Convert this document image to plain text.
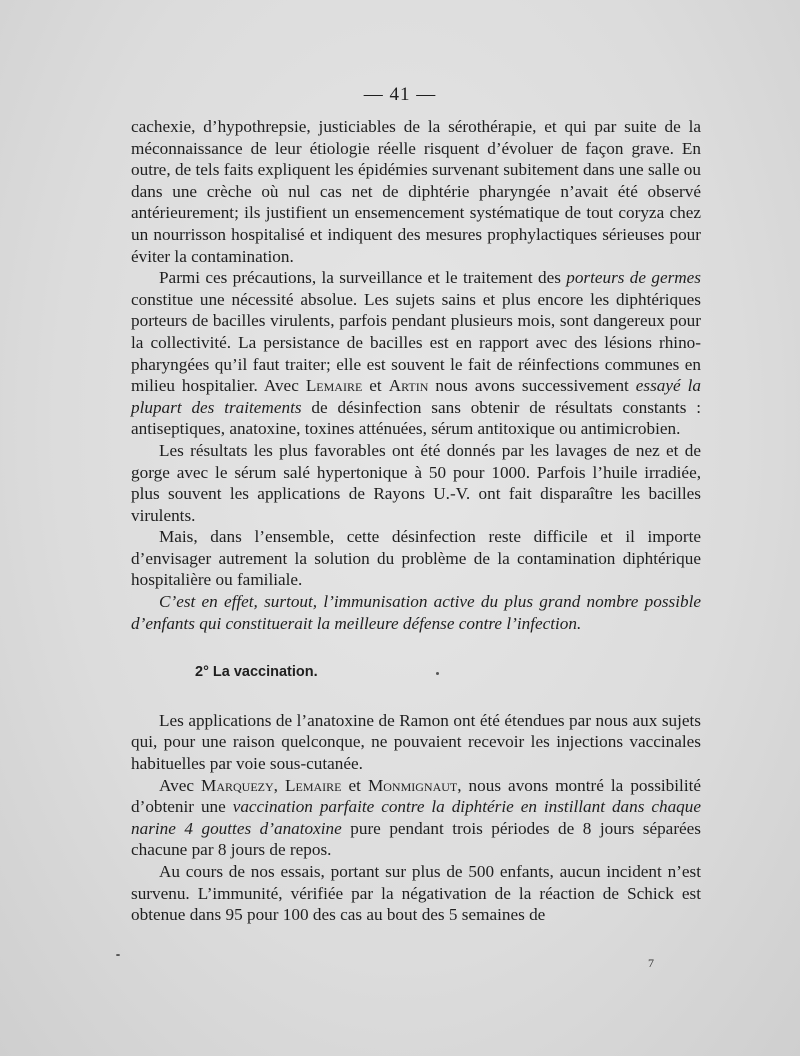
— 41 —

cachexie, d’hypothrepsie, justiciables de la sérothérapie, et qui par suite de la méconnaissance de leur étiologie réelle risquent d’évoluer de façon grave. En outre, de tels faits expliquent les épidémies survenant subitement dans une salle ou dans une crèche où nul cas net de diphtérie pharyngée n’avait été observé antérieurement; ils justifient un ensemencement systématique de tout coryza chez un nourrisson hospitalisé et indiquent des mesures prophylactiques sérieuses pour éviter la contamination.

Parmi ces précautions, la surveillance et le traitement des porteurs de germes constitue une nécessité absolue. Les sujets sains et plus encore les diphtériques porteurs de bacilles virulents, parfois pendant plusieurs mois, sont dangereux pour la collectivité. La persistance de bacilles est en rapport avec des lésions rhino-pharyngées qu’il faut traiter; elle est souvent le fait de réinfections communes en milieu hospitalier. Avec Lemaire et Artin nous avons successivement essayé la plupart des traitements de désinfection sans obtenir de résultats constants : antiseptiques, anatoxine, toxines atténuées, sérum antitoxique ou antimicrobien.

Les résultats les plus favorables ont été donnés par les lavages de nez et de gorge avec le sérum salé hypertonique à 50 pour 1000. Parfois l’huile irradiée, plus souvent les applications de Rayons U.-V. ont fait disparaître les bacilles virulents.

Mais, dans l’ensemble, cette désinfection reste difficile et il importe d’envisager autrement la solution du problème de la contamination diphtérique hospitalière ou familiale.

C’est en effet, surtout, l’immunisation active du plus grand nombre possible d’enfants qui constituerait la meilleure défense contre l’infection.

2° La vaccination.

Les applications de l’anatoxine de Ramon ont été étendues par nous aux sujets qui, pour une raison quelconque, ne pouvaient recevoir les injections vaccinales habituelles par voie sous-cutanée.

Avec Marquezy, Lemaire et Monmignaut, nous avons montré la possibilité d’obtenir une vaccination parfaite contre la diphtérie en instillant dans chaque narine 4 gouttes d’anatoxine pure pendant trois périodes de 8 jours séparées chacune par 8 jours de repos.

Au cours de nos essais, portant sur plus de 500 enfants, aucun incident n’est survenu. L’immunité, vérifiée par la négativation de la réaction de Schick est obtenue dans 95 pour 100 des cas au bout des 5 semaines de

7
